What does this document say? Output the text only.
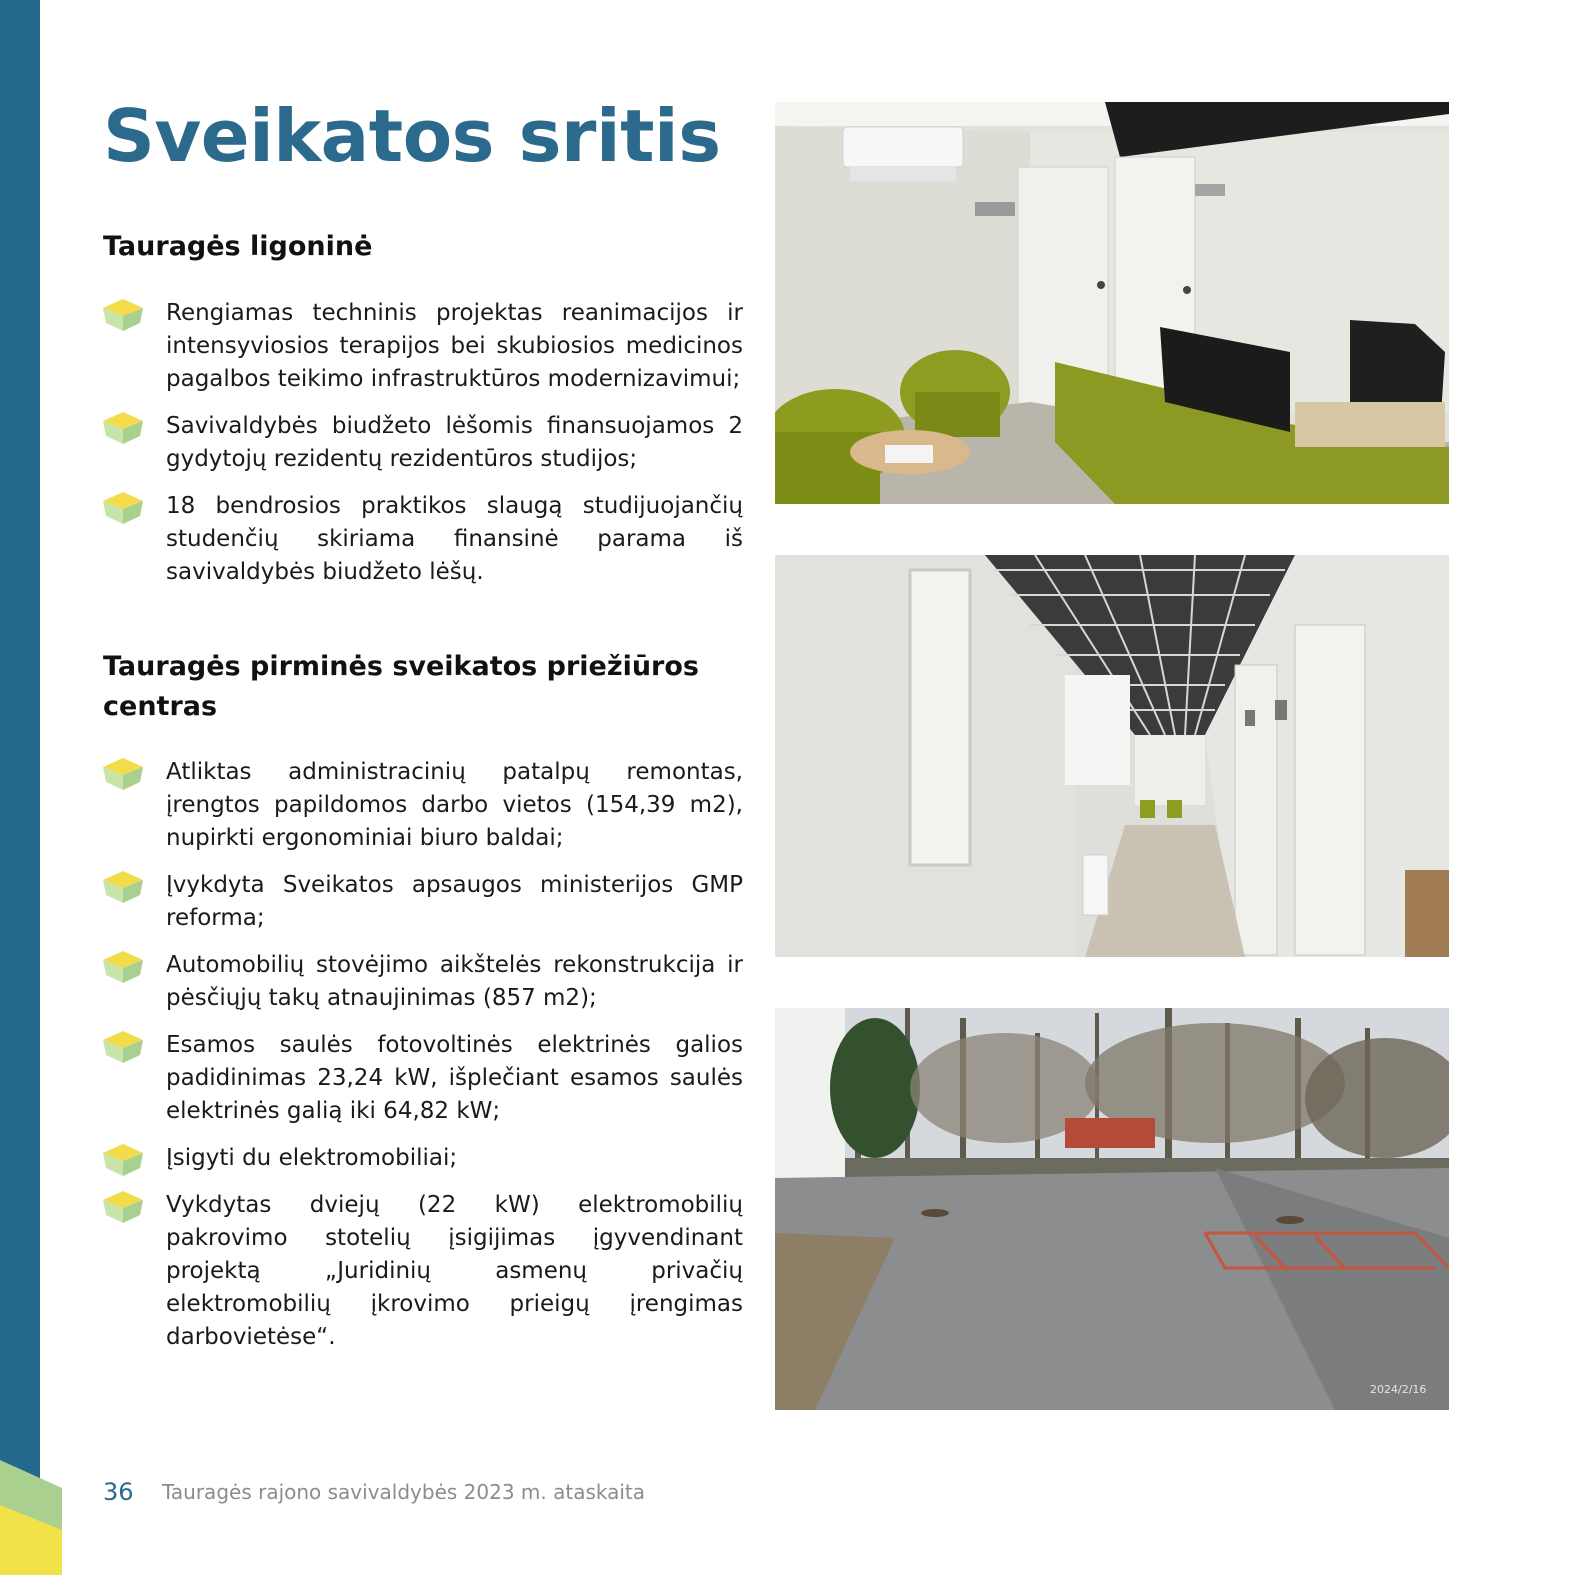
Sveikatos sritis
Tauragės ligoninė
Rengiamas techninis projektas reanimacijos ir intensyviosios terapijos bei skubiosios medicinos pagalbos teikimo infrastruktūros modernizavimui;
Savivaldybės biudžeto lėšomis finansuojamos 2 gydytojų rezidentų rezidentūros studijos;
18 bendrosios praktikos slaugą studijuojančių studenčių skiriama finansinė parama iš savivaldybės biudžeto lėšų.
Tauragės pirminės sveikatos priežiūros centras
Atliktas administracinių patalpų remontas, įrengtos papildomos darbo vietos (154,39 m2), nupirkti ergonominiai biuro baldai;
Įvykdyta Sveikatos apsaugos ministerijos GMP reforma;
Automobilių stovėjimo aikštelės rekonstrukcija ir pėsčiųjų takų atnaujinimas (857 m2);
Esamos saulės fotovoltinės elektrinės galios padidinimas 23,24 kW, išplečiant esamos saulės elektrinės galią iki 64,82 kW;
Įsigyti du elektromobiliai;
Vykdytas dviejų (22 kW) elektromobilių pakrovimo stotelių įsigijimas įgyvendinant projektą „Juridinių asmenų privačių elektromobilių įkrovimo prieigų įrengimas darbovietėse“.
2024/2/16
36 Tauragės rajono savivaldybės 2023 m. ataskaita
